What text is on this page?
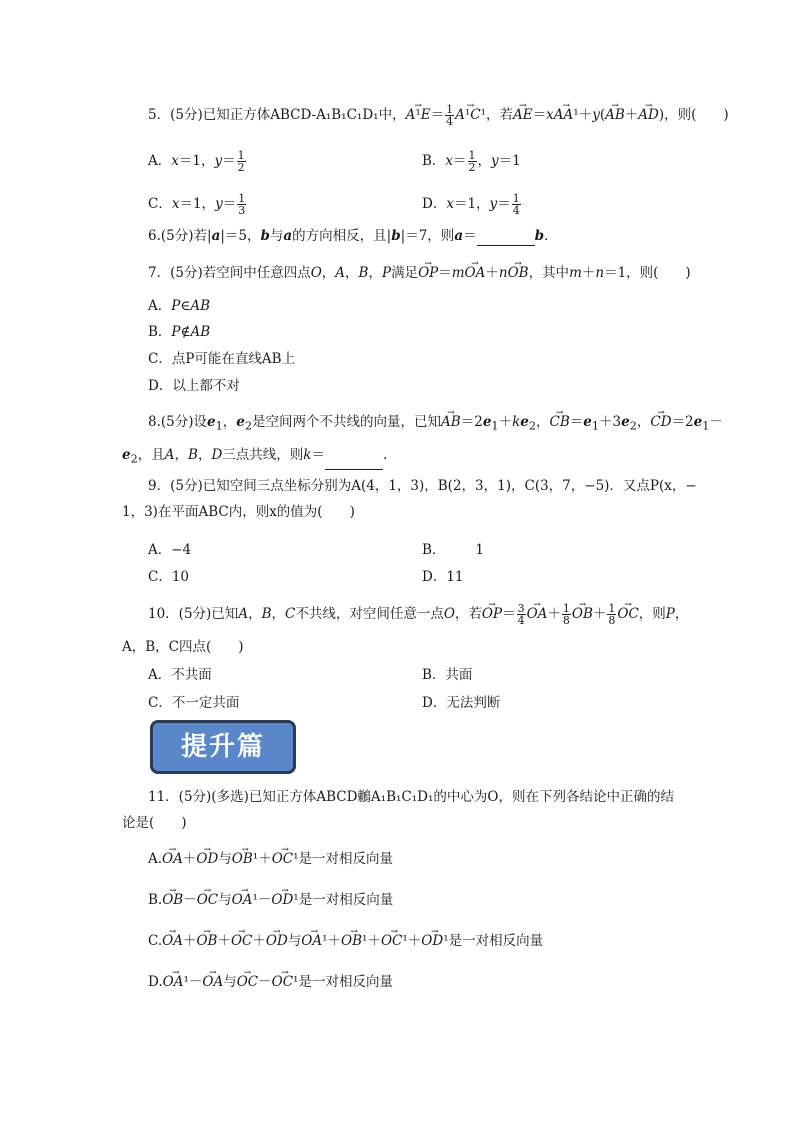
5．(5分)已知正方体ABCD-A₁B₁C₁D₁中，→ $A^1E= \frac{1}{4}$
→ A¹C¹，若→ AE＝x→ AA¹＋y(→ AB＋→ AD)，则(　　)
A．x＝1，$y= \frac{1}{2}$	B．$x= \frac{1}{2}$ ，y＝1
C．x＝1，$y= \frac{1}{3}$	D．x＝1，$y= \frac{1}{4}$
6.(5分)若|a|＝5，b与a的方向相反，且|b|＝7，则a＝	b.
7．(5分)若空间中任意四点O，A，B，P满足→ OP＝m→ OA＋n→ OB，其中m＋n＝1，则(　　)
A．P∈AB
B．P∉AB
C．点P可能在直线AB上
D．以上都不对
8.(5分)设$e_1$，$e_2$是空间两个不共线的向量，已知→ $AB=2e_1+ke_2$，→ $CB=e_1+3e_2$，→ $CD=2e_1-$
$e_2$，且A，B，D三点共线，则k＝	.
9．(5分)已知空间三点坐标分别为A(4，1，3)，B(2，3，1)，C(3，7，−5)．又点P(x，−
1，3)在平面ABC内，则x的值为(　　)
A．−4	B． 1
C．10	D．11
10．(5分)已知A，B，C不共线，对空间任意一点O，若→ $OP= \frac{3}{4}$
→ $OA+ \frac{1}{8}$
→ $OB+ \frac{1}{8}$
→ OC，则P，
A，B，C四点(　　)
A．不共面	B．共面
C．不一定共面	D．无法判断
提升篇
11．(5分)(多选)已知正方体ABCD鶒A₁B₁C₁D₁的中心为O，则在下列各结论中正确的结
论是(　　)
A.→ OA＋→ OD与→ OB¹＋→ OC¹是一对相反向量
B.→ OB－→ OC与→ OA¹－→ OD¹是一对相反向量
C.→ OA＋→ OB＋→ OC＋→ OD与→ OA¹＋→ OB¹＋→ OC¹＋→ OD¹是一对相反向量
D.→ OA¹－→ OA与→ OC－→ OC¹是一对相反向量
